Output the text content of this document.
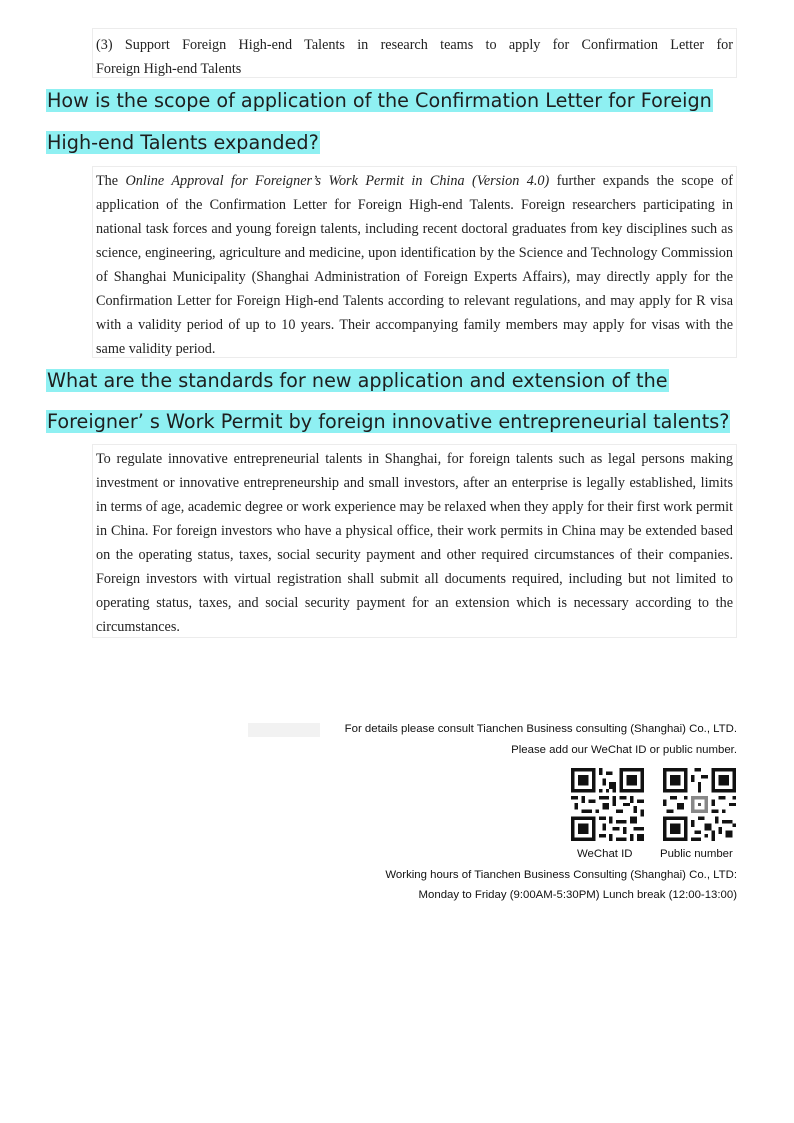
(3) Support Foreign High-end Talents in research teams to apply for Confirmation Letter for
Foreign High-end Talents

How is the scope of application of the Confirmation Letter for Foreign
High-end Talents expanded?

The Online Approval for Foreigner’s Work Permit in China (Version 4.0) further expands the scope of application of the Confirmation Letter for Foreign High-end Talents. Foreign researchers participating in national task forces and young foreign talents, including recent doctoral graduates from key disciplines such as science, engineering, agriculture and medicine, upon identification by the Science and Technology Commission of Shanghai Municipality (Shanghai Administration of Foreign Experts Affairs), may directly apply for the Confirmation Letter for Foreign High-end Talents according to relevant regulations, and may apply for R visa with a validity period of up to 10 years. Their accompanying family members may apply for visas with the same validity period.

What are the standards for new application and extension of the
Foreigner’ s Work Permit by foreign innovative entrepreneurial talents?

To regulate innovative entrepreneurial talents in Shanghai, for foreign talents such as legal persons making investment or innovative entrepreneurship and small investors, after an enterprise is legally established, limits in terms of age, academic degree or work experience may be relaxed when they apply for their first work permit in China. For foreign investors who have a physical office, their work permits in China may be extended based on the operating status, taxes, social security payment and other required circumstances of their companies. Foreign investors with virtual registration shall submit all documents required, including but not limited to operating status, taxes, and social security payment for an extension which is necessary according to the circumstances.

For details please consult Tianchen Business consulting (Shanghai) Co., LTD.
Please add our WeChat ID or public number.
WeChat ID Public number
Working hours of Tianchen Business Consulting (Shanghai) Co., LTD:
Monday to Friday (9:00AM-5:30PM) Lunch break (12:00-13:00)
